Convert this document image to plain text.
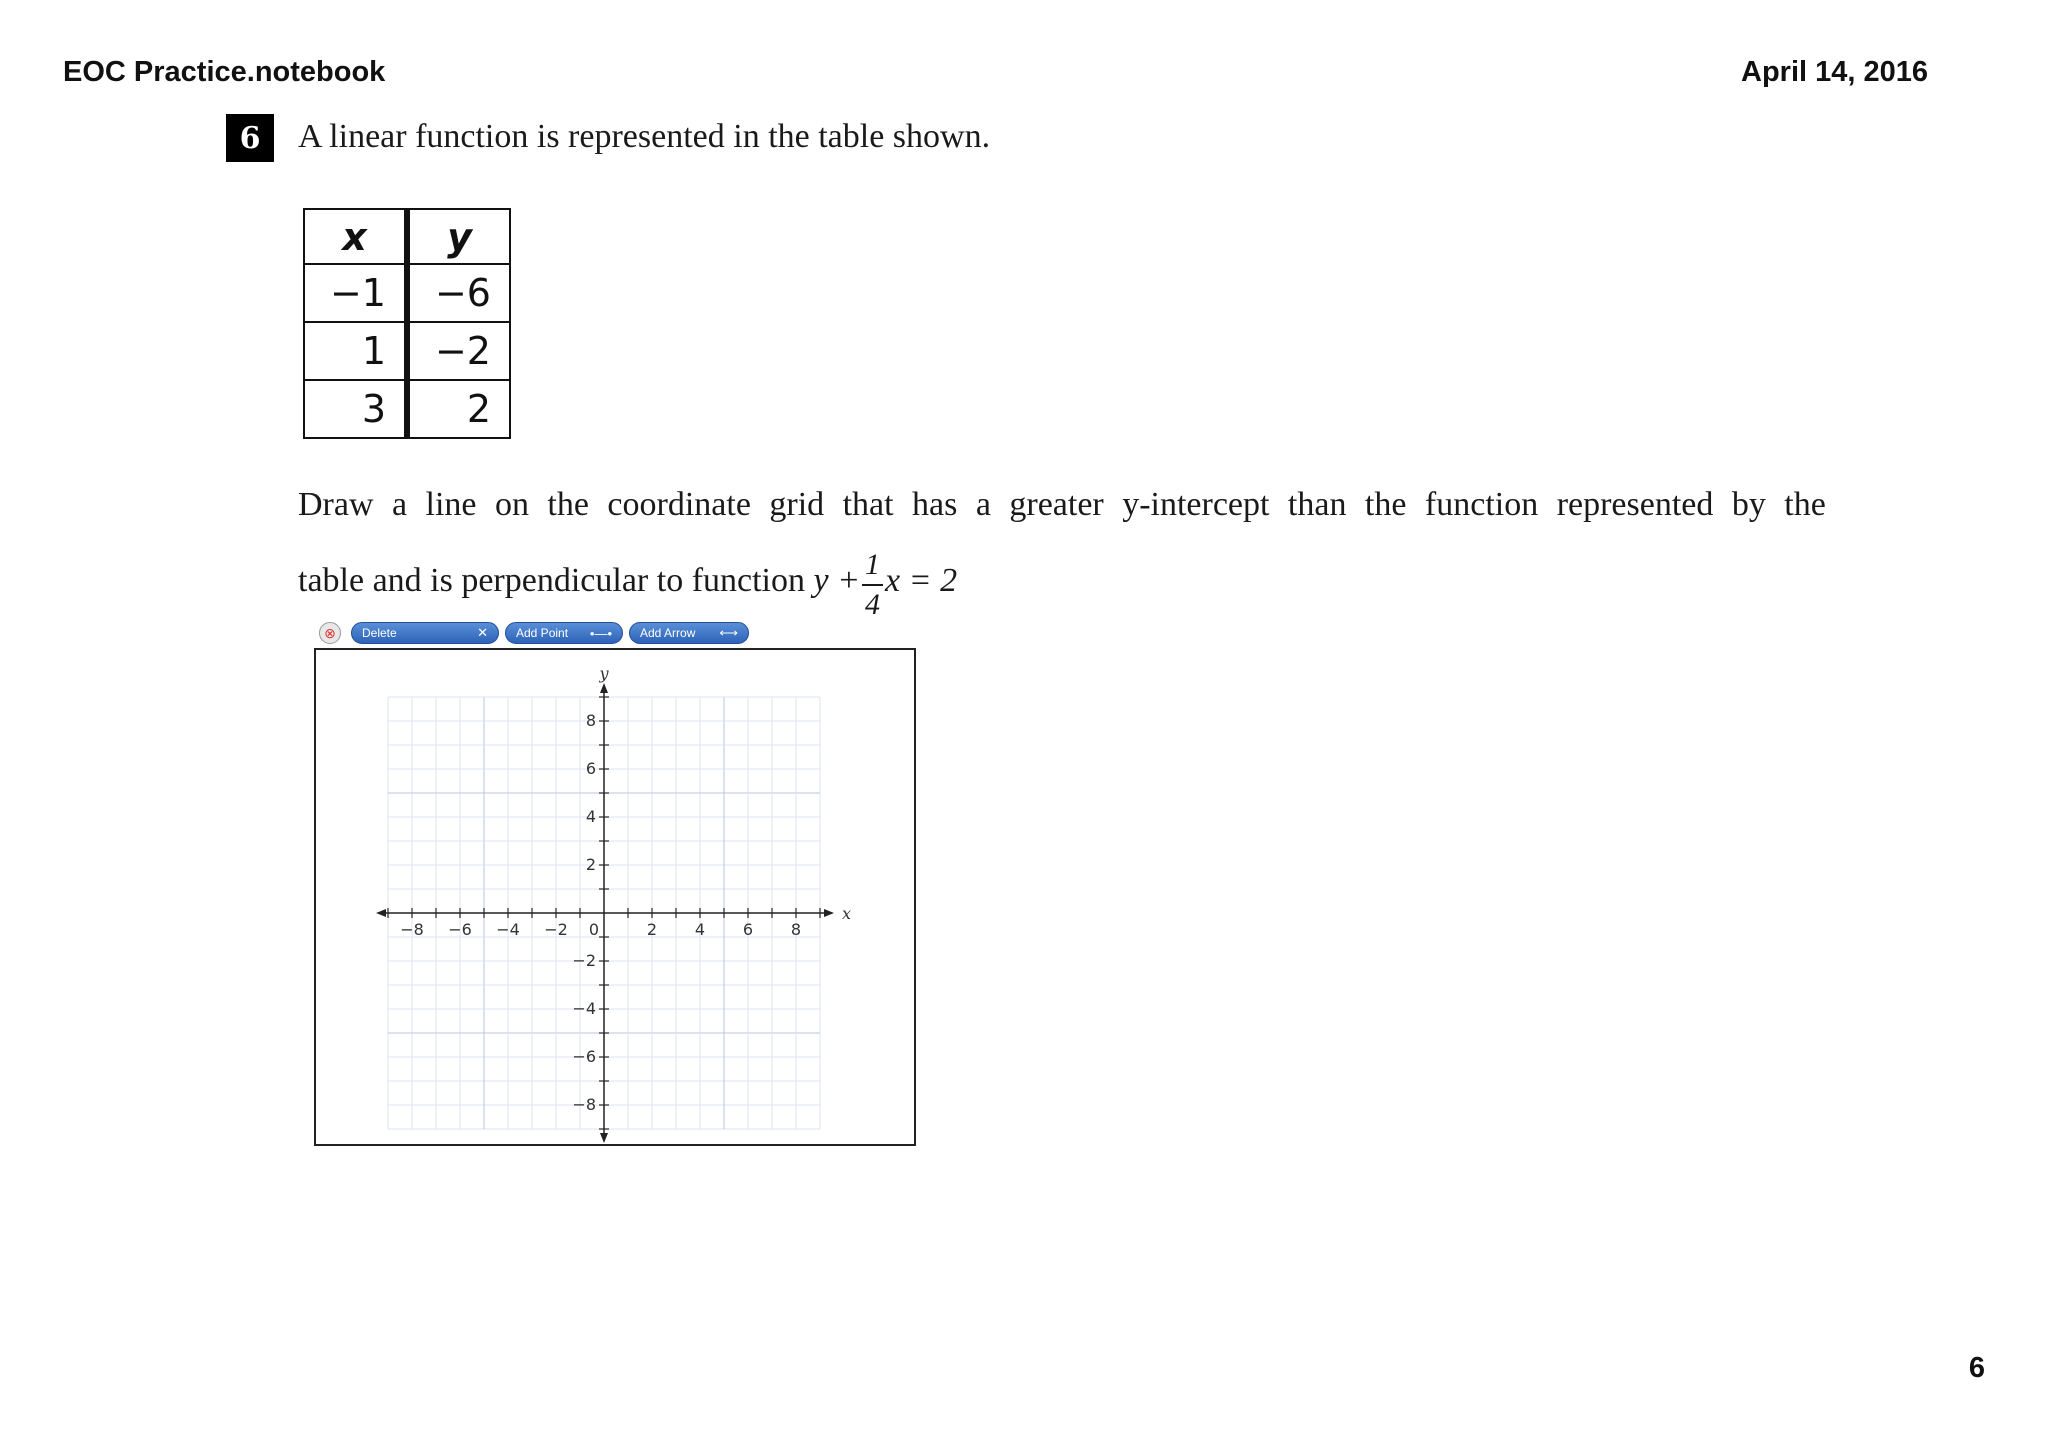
EOC Practice.notebook	April 14, 2016
6	A linear function is represented in the table shown.
x	y
−1	−6
1	−2
3	2
Draw a line on the coordinate grid that has a greater y-intercept than the function represented by the
table and is perpendicular to function $y + \frac{1}{4}$ x = 2
⊗	Delete	✕ Add Point •—• Add Arrow ⟷
−8 −6 −4 −2 0	2 4 6 8
8
6
4
2
−2
−4
−6
−8
x
y
6
